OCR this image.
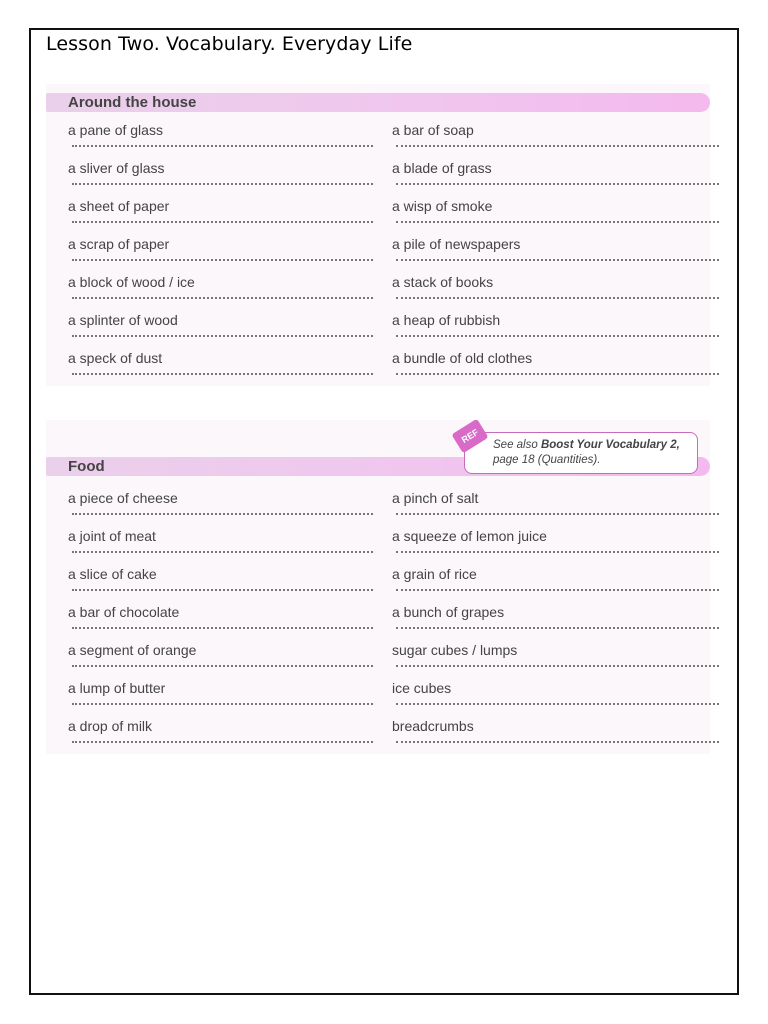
Lesson Two. Vocabulary. Everyday Life
Around the house
a pane of glass	a bar of soap
a sliver of glass	a blade of grass
a sheet of paper	a wisp of smoke
a scrap of paper	a pile of newspapers
a block of wood / ice	a stack of books
a splinter of wood	a heap of rubbish
a speck of dust	a bundle of old clothes
Food
a piece of cheese	a pinch of salt
a joint of meat	a squeeze of lemon juice
a slice of cake	a grain of rice
a bar of chocolate	a bunch of grapes
a segment of orange	sugar cubes / lumps
a lump of butter	ice cubes
a drop of milk	breadcrumbs
REF	See also Boost Your Vocabulary 2,
page 18 (Quantities).
